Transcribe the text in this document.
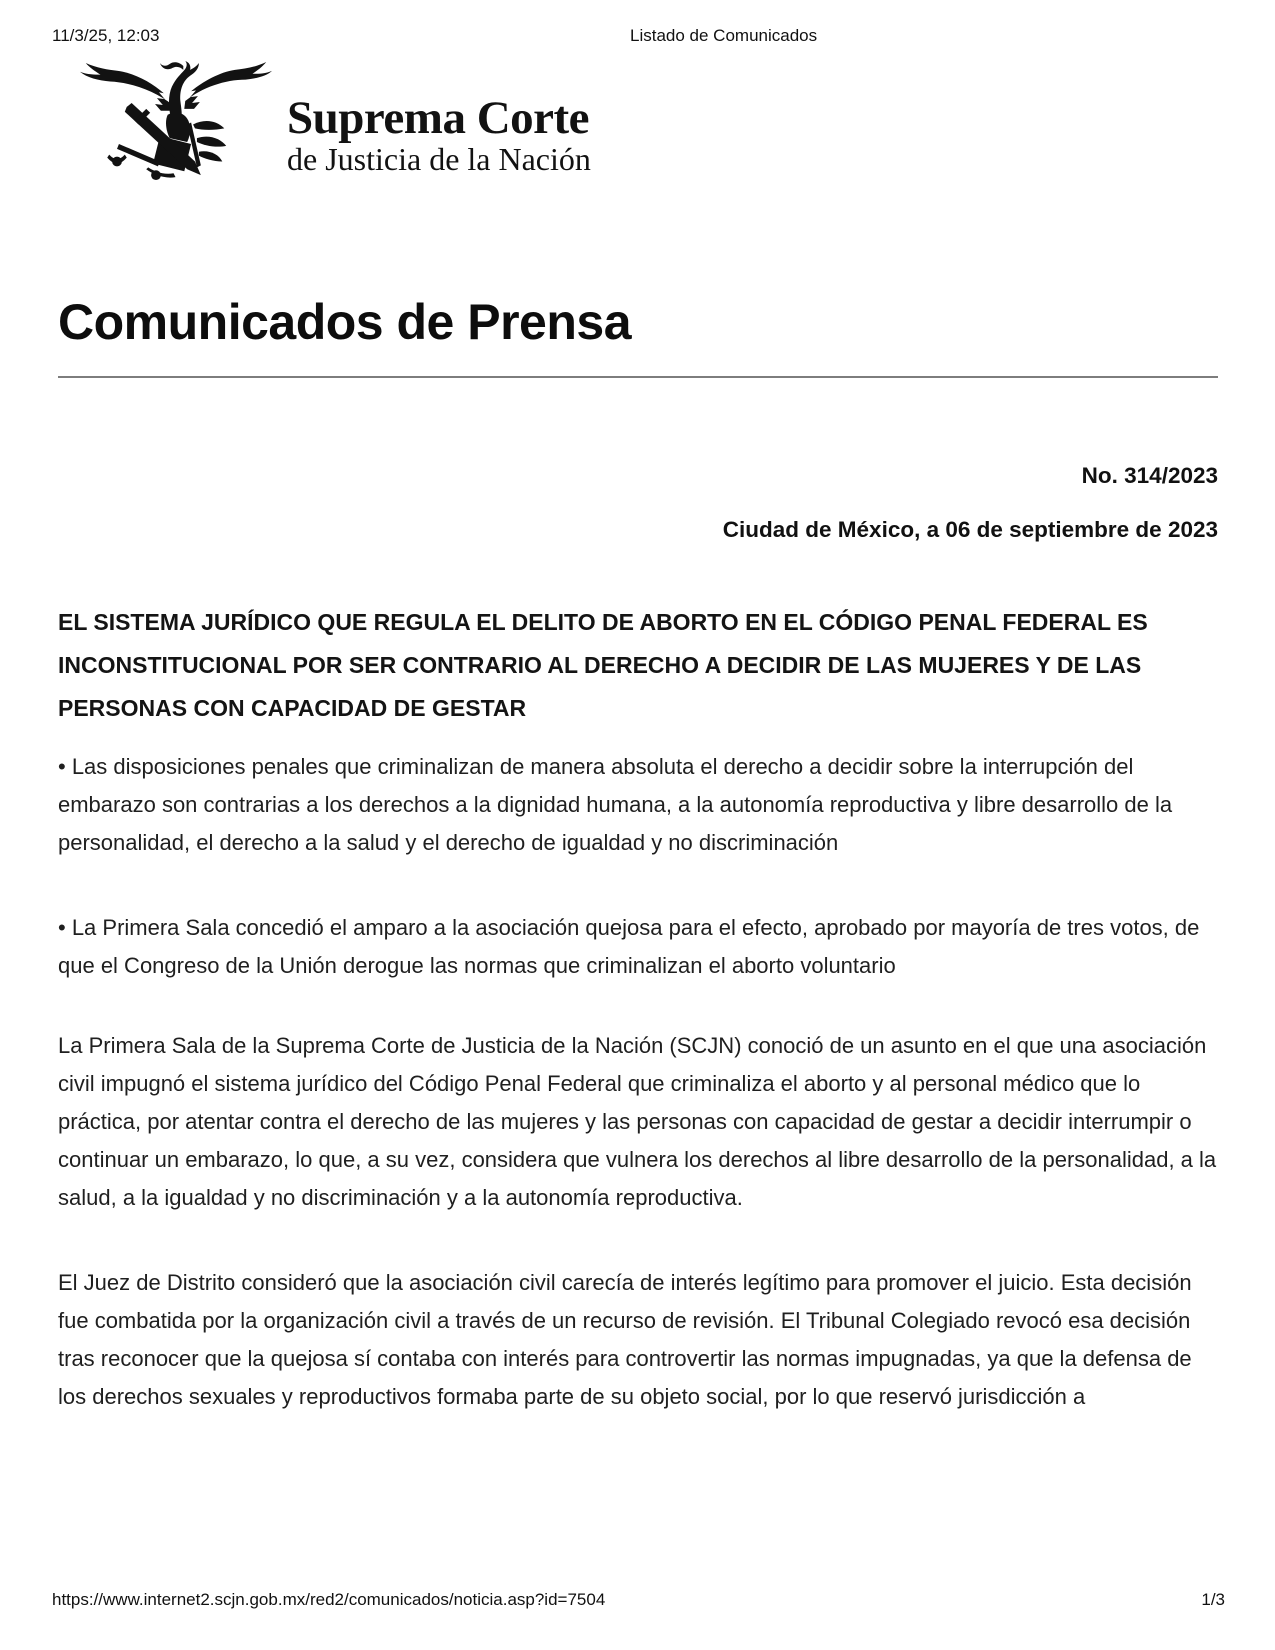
11/3/25, 12:03	Listado de Comunicados
Suprema Corte
de Justicia de la Nación
Comunicados de Prensa

No. 314/2023

Ciudad de México, a 06 de septiembre de 2023

EL SISTEMA JURÍDICO QUE REGULA EL DELITO DE ABORTO EN EL CÓDIGO PENAL FEDERAL ES INCONSTITUCIONAL POR SER CONTRARIO AL DERECHO A DECIDIR DE LAS MUJERES Y DE LAS PERSONAS CON CAPACIDAD DE GESTAR

• Las disposiciones penales que criminalizan de manera absoluta el derecho a decidir sobre la interrupción del embarazo son contrarias a los derechos a la dignidad humana, a la autonomía reproductiva y libre desarrollo de la personalidad, el derecho a la salud y el derecho de igualdad y no discriminación

• La Primera Sala concedió el amparo a la asociación quejosa para el efecto, aprobado por mayoría de tres votos, de que el Congreso de la Unión derogue las normas que criminalizan el aborto voluntario

La Primera Sala de la Suprema Corte de Justicia de la Nación (SCJN) conoció de un asunto en el que una asociación civil impugnó el sistema jurídico del Código Penal Federal que criminaliza el aborto y al personal médico que lo práctica, por atentar contra el derecho de las mujeres y las personas con capacidad de gestar a decidir interrumpir o continuar un embarazo, lo que, a su vez, considera que vulnera los derechos al libre desarrollo de la personalidad, a la salud, a la igualdad y no discriminación y a la autonomía reproductiva.

El Juez de Distrito consideró que la asociación civil carecía de interés legítimo para promover el juicio. Esta decisión fue combatida por la organización civil a través de un recurso de revisión. El Tribunal Colegiado revocó esa decisión tras reconocer que la quejosa sí contaba con interés para controvertir las normas impugnadas, ya que la defensa de los derechos sexuales y reproductivos formaba parte de su objeto social, por lo que reservó jurisdicción a

https://www.internet2.scjn.gob.mx/red2/comunicados/noticia.asp?id=7504	1/3
